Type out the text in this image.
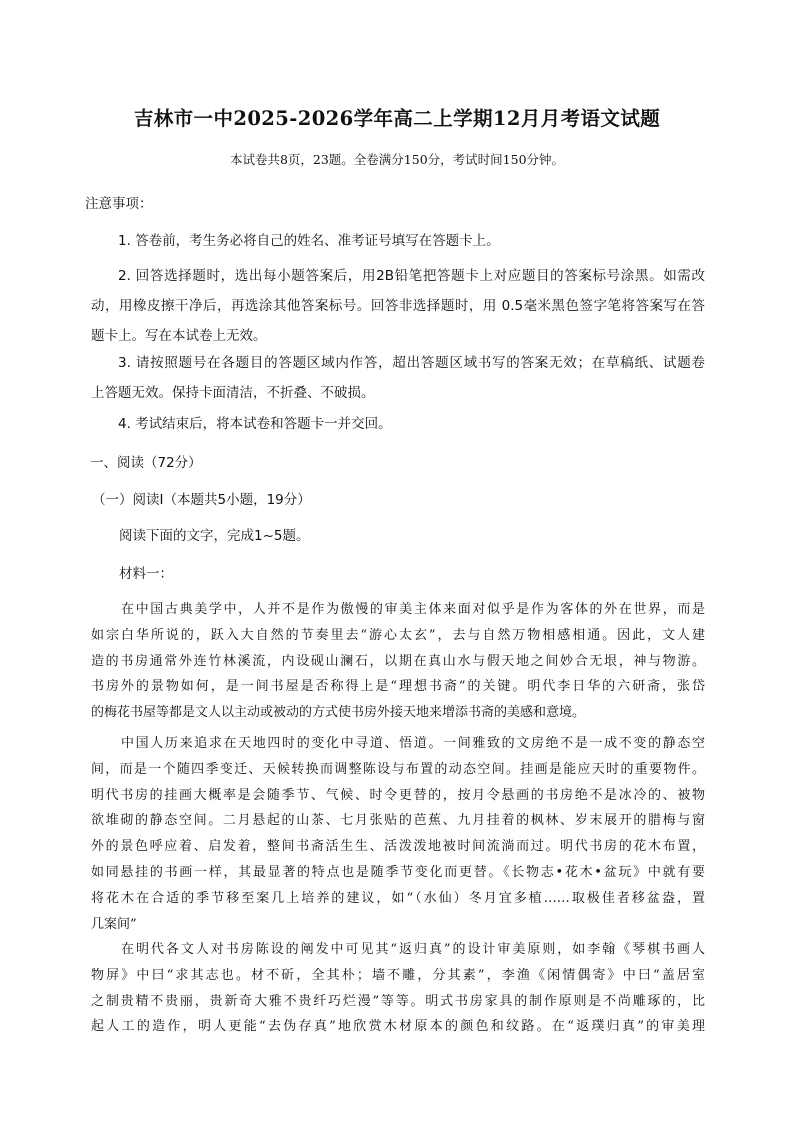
吉林市一中2025-2026学年高二上学期12月月考语文试题
本试卷共8页，23题。全卷满分150分，考试时间150分钟。
注意事项：
1. 答卷前，考生务必将自己的姓名、准考证号填写在答题卡上。
2. 回答选择题时，选出每小题答案后，用2B铅笔把答题卡上对应题目的答案标号涂黑。如需改
动，用橡皮擦干净后，再选涂其他答案标号。回答非选择题时，用 0.5毫米黑色签字笔将答案写在答
题卡上。写在本试卷上无效。
3. 请按照题号在各题目的答题区域内作答，超出答题区域书写的答案无效；在草稿纸、试题卷
上答题无效。保持卡面清洁，不折叠、不破损。
4. 考试结束后，将本试卷和答题卡一并交回。
一、阅读（72分）
（一）阅读Ⅰ（本题共5小题，19分）
阅读下面的文字，完成1~5题。
材料一：
在中国古典美学中，人并不是作为傲慢的审美主体来面对似乎是作为客体的外在世界，而是
如宗白华所说的，跃入大自然的节奏里去“游心太玄”，去与自然万物相感相通。因此，文人建
造的书房通常外连竹林溪流，内设砚山澜石，以期在真山水与假天地之间妙合无垠，神与物游。
书房外的景物如何，是一间书屋是否称得上是“理想书斋”的关键。明代李日华的六研斋，张岱
的梅花书屋等都是文人以主动或被动的方式使书房外接天地来增添书斋的美感和意境。
中国人历来追求在天地四时的变化中寻道、悟道。一间雅致的文房绝不是一成不变的静态空
间，而是一个随四季变迁、天候转换而调整陈设与布置的动态空间。挂画是能应天时的重要物件。
明代书房的挂画大概率是会随季节、气候、时令更替的，按月令悬画的书房绝不是冰冷的、被物
欲堆砌的静态空间。二月悬起的山茶、七月张贴的芭蕉、九月挂着的枫林、岁末展开的腊梅与窗
外的景色呼应着、启发着，整间书斋活生生、活泼泼地被时间流淌而过。明代书房的花木布置，
如同悬挂的书画一样，其最显著的特点也是随季节变化而更替。《长物志•花木•盆玩》中就有要
将花木在合适的季节移至案几上培养的建议，如“（水仙）冬月宜多植……取极佳者移盆盎，置
几案间”
在明代各文人对书房陈设的阐发中可见其“返归真”的设计审美原则，如李翰《琴棋书画人
物屏》中曰“求其志也。材不斫，全其朴；墙不雕，分其素”，李渔《闲情偶寄》中曰“盖居室
之制贵精不贵丽，贵新奇大雅不贵纤巧烂漫”等等。明式书房家具的制作原则是不尚雕琢的，比
起人工的造作，明人更能“去伪存真”地欣赏木材原本的颜色和纹路。在“返璞归真”的审美理
